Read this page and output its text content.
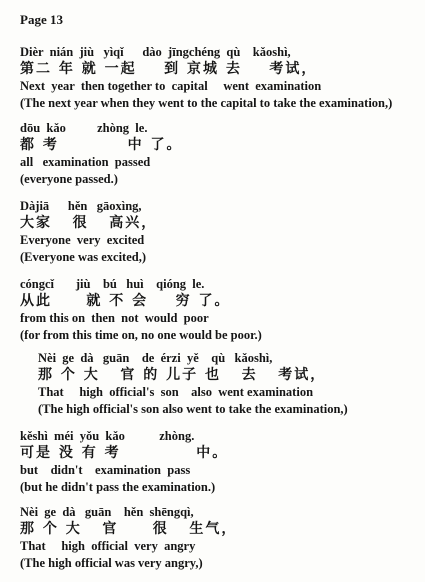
Page 13
Dièr  nián  jiù   yìqǐ      dào  jīngchéng  qù    kǎoshì,
第二 年 就 一起    到 京城 去    考试，
Next  year  then together to  capital     went  examination
(The next year when they went to the capital to take the examination,)
dōu  kǎo          zhòng  le.
都 考          中 了。
all   examination  passed
(everyone passed.)
Dàjiā      hěn   gāoxìng,
大家   很   高兴，
Everyone  very  excited
(Everyone was excited,)
cóngcǐ       jiù    bú   huì    qióng  le.
从此     就 不 会    穷 了。
from this on  then  not  would  poor
(for from this time on, no one would be poor.)
Nèi  ge  dà   guān    de  érzi  yě    qù   kǎoshì,
那 个 大   官 的 儿子 也   去   考试，
That     high  official's  son    also  went examination
(The high official's son also went to take the examination,)
kěshì  méi  yǒu  kǎo           zhòng.
可是 没 有 考           中。
but    didn't    examination  pass
(but he didn't pass the examination.)
Nèi  ge  dà   guān    hěn  shēngqì,
那 个 大   官     很   生气，
That     high  official  very  angry
(The high official was very angry,)
